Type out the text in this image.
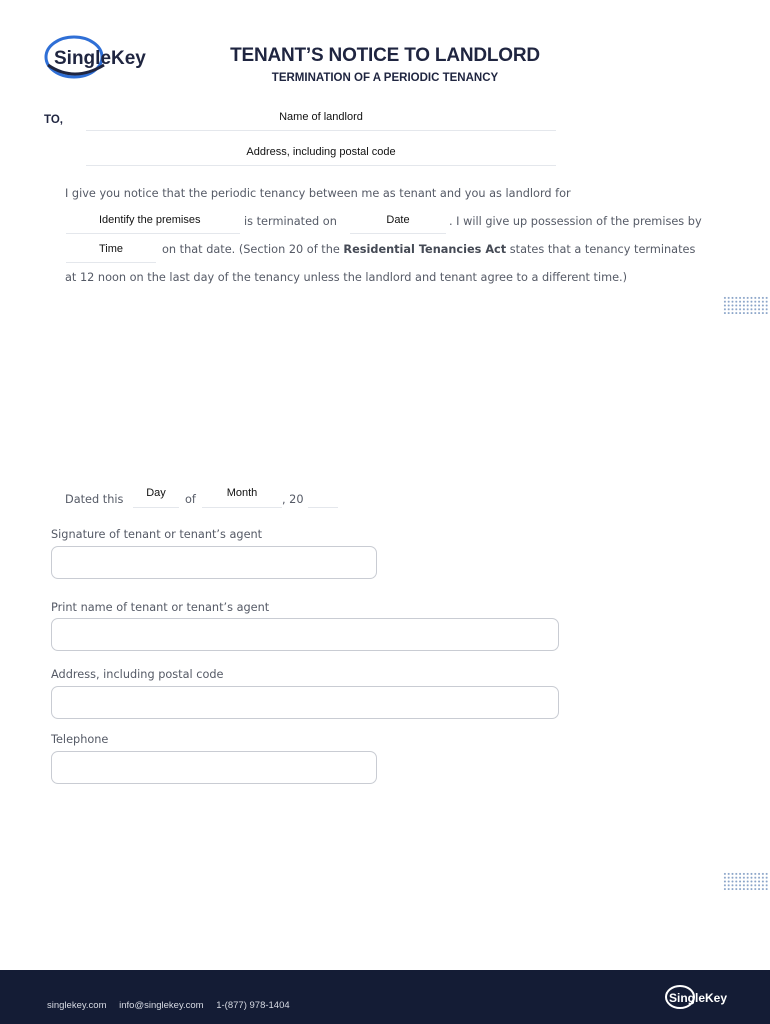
SingleKey	TENANT’S NOTICE TO LANDLORD
TERMINATION OF A PERIODIC TENANCY
TO,	Name of landlord
Address, including postal code
I give you notice that the periodic tenancy between me as tenant and you as landlord for
Identify the premises	is terminated on	Date	. I will give up possession of the premises by
Time	on that date. (Section 20 of the Residential Tenancies Act states that a tenancy terminates
at 12 noon on the last day of the tenancy unless the landlord and tenant agree to a different time.)
Dated this	Day	of	Month	, 20
Signature of tenant or tenant’s agent
Print name of tenant or tenant’s agent
Address, including postal code
Telephone
singlekey.com info@singlekey.com 1-(877) 978-1404
SingleKey
